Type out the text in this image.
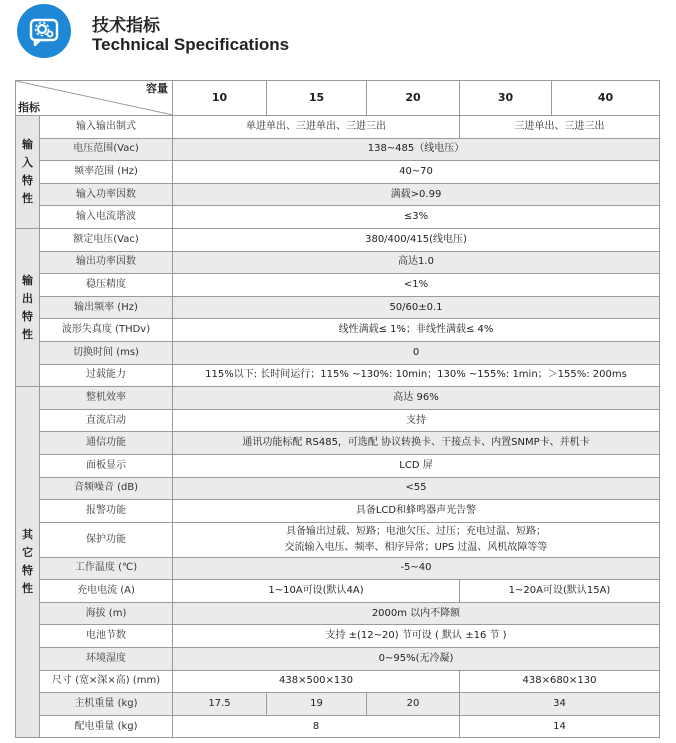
技术指标
Technical Specifications
容量
指标		10	15	20	30	40

输
入
特
性	输入输出制式	单进单出、三进单出、三进三出			三进单出、三进三出	
	电压范围(Vac)	138~485（线电压）				
	频率范围 (Hz)	40~70				
	输入功率因数	满载>0.99				
	输入电流谐波	≤3%				

输
出
特
性	额定电压(Vac)	380/400/415(线电压)				
	输出功率因数	高达1.0				
	稳压精度	<1%				
	输出频率 (Hz)	50/60±0.1				
	波形失真度 (THDv)	线性满载≤ 1%；非线性满载≤ 4%				
	切换时间 (ms)	0				
	过载能力	115%以下: 长时间运行；115% ~130%: 10min；130% ~155%: 1min；＞155%: 200ms				

其
它
特
性	整机效率	高达 96%				
	直流启动	支持				
	通信功能	通讯功能标配 RS485，可选配 协议转换卡、干接点卡、内置SNMP卡、并机卡				
	面板显示	LCD 屏				
	音频噪音 (dB)	<55				
	报警功能	具备LCD和蜂鸣器声光告警				
	保护功能	具备输出过载、短路；电池欠压、过压；充电过温、短路；
交流输入电压、频率、相序异常；UPS 过温、风机故障等等				

	工作温度 (℃)	-5~40				
	充电电流 (A)	1~10A可设(默认4A)			1~20A可设(默认15A)	
	海拔 (m)	2000m 以内不降额				
	电池节数	支持 ±(12~20) 节可设 ( 默认 ±16 节 )				
	环境湿度	0~95%(无冷凝)				
	尺寸 (宽×深×高) (mm)	438×500×130			438×680×130	
	主机重量 (kg)	17.5	19	20	34	
	配电重量 (kg)	8			14	
